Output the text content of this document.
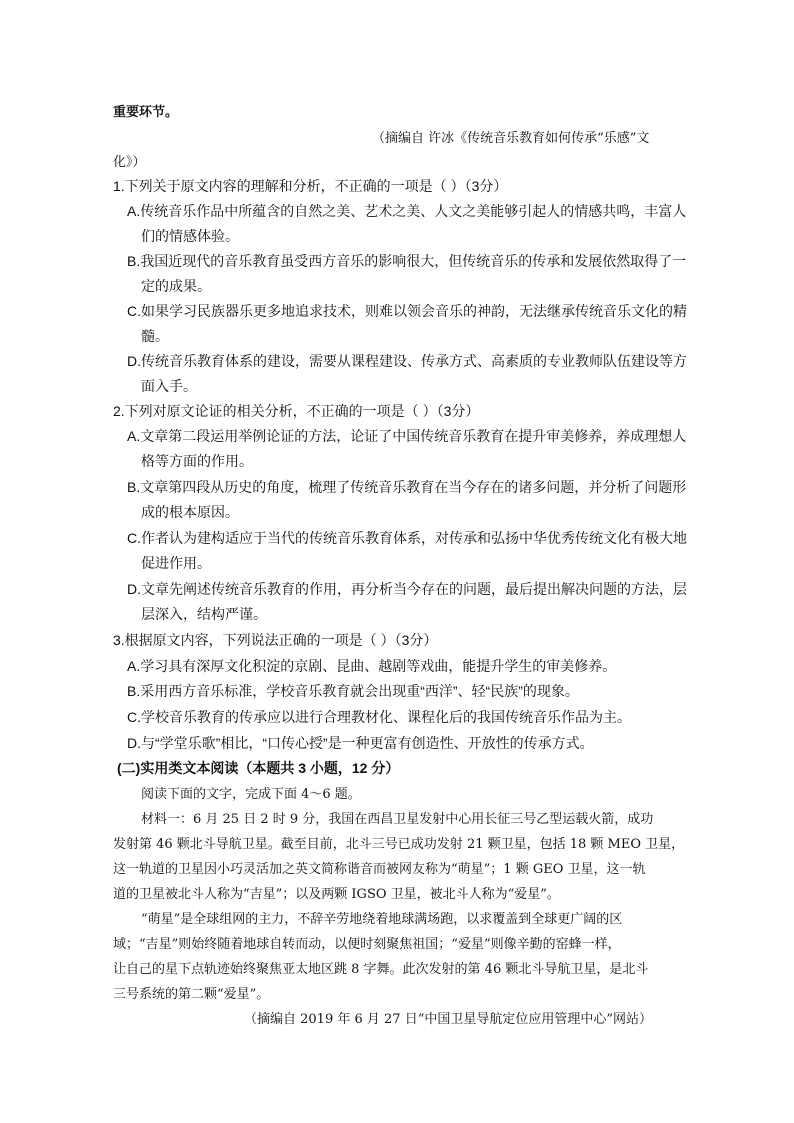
重要环节。
（摘编自 许冰《传统音乐教育如何传承“乐感”文
化》）
1.下列关于原文内容的理解和分析，不正确的一项是（ ）（3分）
A.传统音乐作品中所蕴含的自然之美、艺术之美、人文之美能够引起人的情感共鸣，丰富人
们的情感体验。
B.我国近现代的音乐教育虽受西方音乐的影响很大，但传统音乐的传承和发展依然取得了一
定的成果。
C.如果学习民族器乐更多地追求技术，则难以领会音乐的神韵，无法继承传统音乐文化的精
髓。
D.传统音乐教育体系的建设，需要从课程建设、传承方式、高素质的专业教师队伍建设等方
面入手。
2.下列对原文论证的相关分析，不正确的一项是（ ）（3分）
A.文章第二段运用举例论证的方法，论证了中国传统音乐教育在提升审美修养，养成理想人
格等方面的作用。
B.文章第四段从历史的角度，梳理了传统音乐教育在当今存在的诸多问题，并分析了问题形
成的根本原因。
C.作者认为建构适应于当代的传统音乐教育体系，对传承和弘扬中华优秀传统文化有极大地
促进作用。
D.文章先阐述传统音乐教育的作用，再分析当今存在的问题，最后提出解决问题的方法，层
层深入，结构严谨。
3.根据原文内容，下列说法正确的一项是（ ）（3分）
A.学习具有深厚文化积淀的京剧、昆曲、越剧等戏曲，能提升学生的审美修养。
B.采用西方音乐标准，学校音乐教育就会出现重“西洋”、轻“民族”的现象。
C.学校音乐教育的传承应以进行合理教材化、课程化后的我国传统音乐作品为主。
D.与“学堂乐歌”相比，“口传心授”是一种更富有创造性、开放性的传承方式。
(二)实用类文本阅读（本题共 3 小题，12 分）
阅读下面的文字，完成下面 4～6 题。
材料一：6 月 25 日 2 时 9 分，我国在西昌卫星发射中心用长征三号乙型运载火箭，成功
发射第 46 颗北斗导航卫星。截至目前，北斗三号已成功发射 21 颗卫星，包括 18 颗 MEO 卫星，
这一轨道的卫星因小巧灵活加之英文简称谐音而被网友称为“萌星”；1 颗 GEO 卫星，这一轨
道的卫星被北斗人称为“吉星”；以及两颗 IGSO 卫星，被北斗人称为“爱星”。
“萌星”是全球组网的主力，不辞辛劳地绕着地球满场跑，以求覆盖到全球更广阔的区
域；“吉星”则始终随着地球自转而动，以便时刻聚焦祖国；“爱星”则像辛勤的窑蜂一样，
让自己的星下点轨迹始终聚焦亚太地区跳 8 字舞。此次发射的第 46 颗北斗导航卫星，是北斗
三号系统的第二颗“爱星”。
（摘编自 2019 年 6 月 27 日“中国卫星导航定位应用管理中心”网站）
